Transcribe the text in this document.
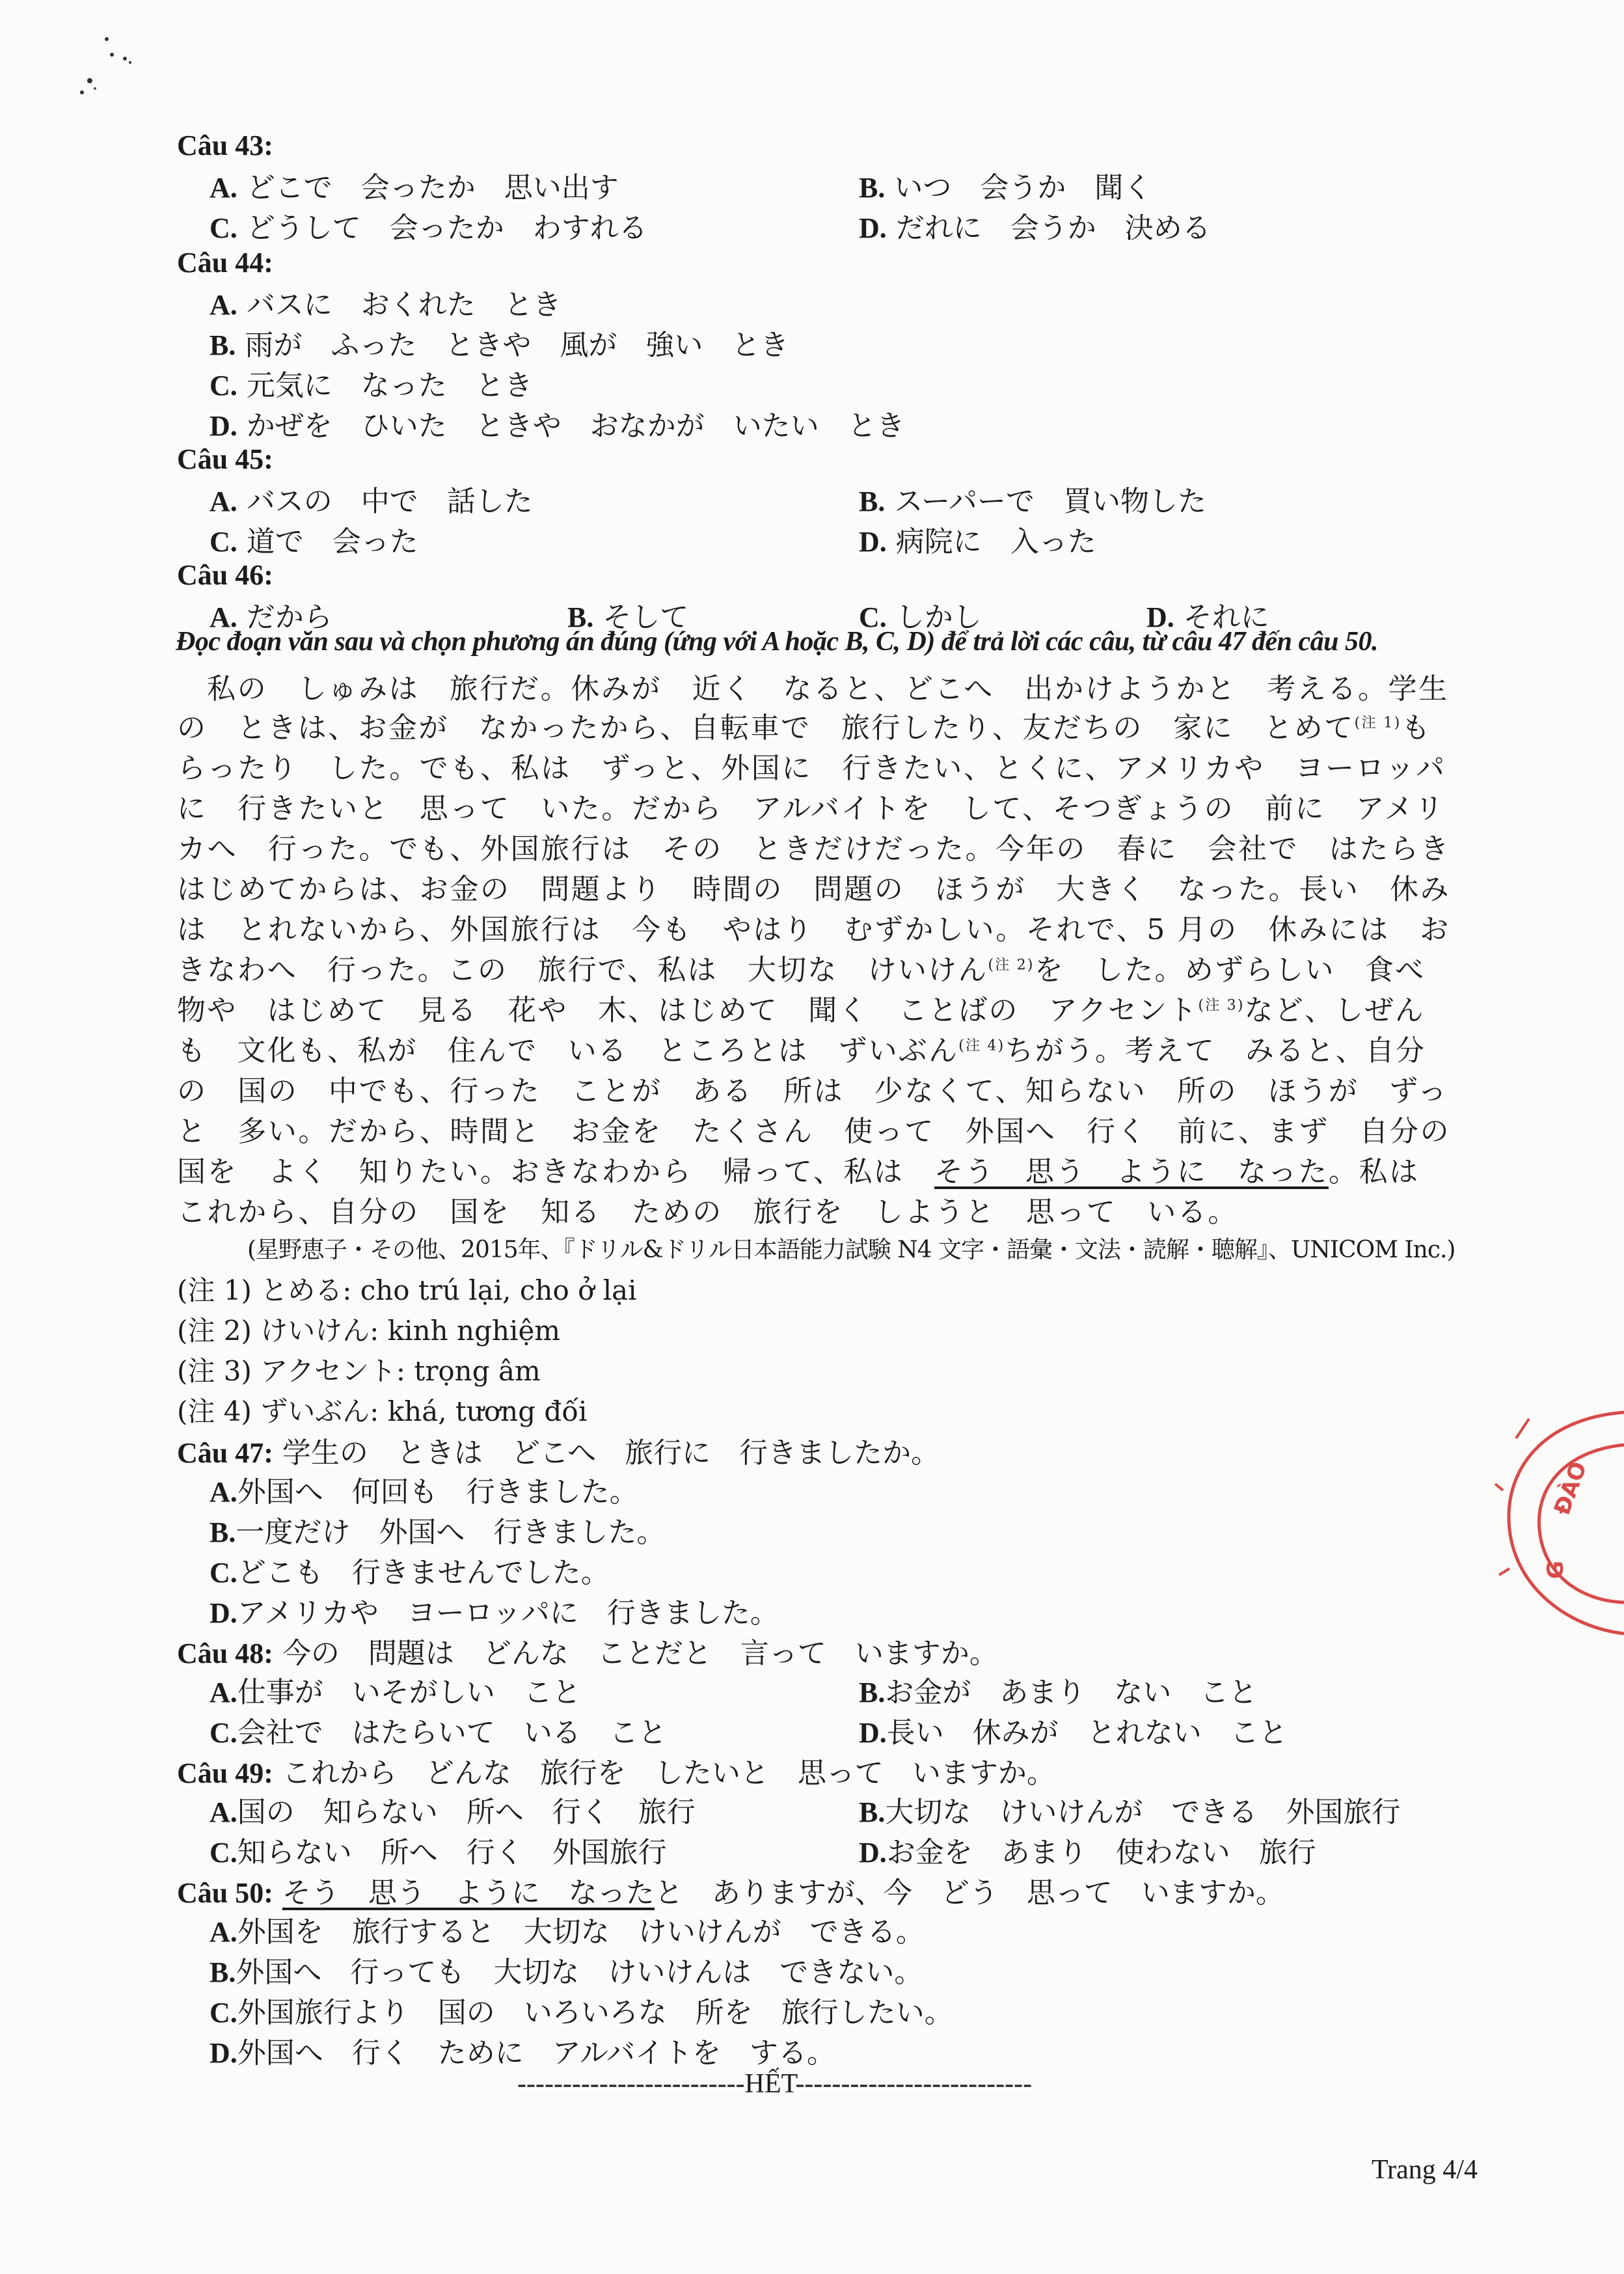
Câu 43:
A. どこで　会ったか　思い出す	B. いつ　会うか　聞く
C. どうして　会ったか　わすれる	D. だれに　会うか　決める
Câu 44:
A. バスに　おくれた　とき
B. 雨が　ふった　ときや　風が　強い　とき
C. 元気に　なった　とき
D. かぜを　ひいた　ときや　おなかが　いたい　とき
Câu 45:
A. バスの　中で　話した	B. スーパーで　買い物した
C. 道で　会った	D. 病院に　入った
Câu 46:
A. だから	B. そして	C. しかし	D. それに
Đọc đoạn văn sau và chọn phương án đúng (ứng với A hoặc B, C, D) để trả lời các câu, từ câu 47 đến câu 50.
私の　しゅみは　旅行だ。休みが　近く　なると、どこへ　出かけようかと　考える。学生
の　ときは、お金が　なかったから、自転車で　旅行したり、友だちの　家に　とめて$^{(注 1)}$も
らったり　した。でも、私は　ずっと、外国に　行きたい、とくに、アメリカや　ヨーロッパ
に　行きたいと　思って　いた。だから　アルバイトを　して、そつぎょうの　前に　アメリ
カへ　行った。でも、外国旅行は　その　ときだけだった。今年の　春に　会社で　はたらき
はじめてからは、お金の　問題より　時間の　問題の　ほうが　大きく　なった。長い　休み
は　とれないから、外国旅行は　今も　やはり　むずかしい。それで、5 月の　休みには　お
きなわへ　行った。この　旅行で、私は　大切な　けいけん$^{(注 2)}$を　した。めずらしい　食べ
物や　はじめて　見る　花や　木、はじめて　聞く　ことばの　アクセント$^{(注 3)}$など、しぜん
も　文化も、私が　住んで　いる　ところとは　ずいぶん$^{(注 4)}$ちがう。考えて　みると、自分
の　国の　中でも、行った　ことが　ある　所は　少なくて、知らない　所の　ほうが　ずっ
と　多い。だから、時間と　お金を　たくさん　使って　外国へ　行く　前に、まず　自分の
国を　よく　知りたい。おきなわから　帰って、私は　そう　思う　ように　なった。私は
これから、自分の　国を　知る　ための　旅行を　しようと　思って　いる。
(星野恵子・その他、2015年、『ドリル&ドリル日本語能力試験 N4 文字・語彙・文法・読解・聴解』、UNICOM Inc.)
(注 1) とめる: cho trú lại, cho ở lại
(注 2) けいけん: kinh nghiệm
(注 3) アクセント: trọng âm
(注 4) ずいぶん: khá, tương đối
Câu 47: 学生の　ときは　どこへ　旅行に　行きましたか。
A.外国へ　何回も　行きました。
B.一度だけ　外国へ　行きました。
C.どこも　行きませんでした。
D.アメリカや　ヨーロッパに　行きました。
Câu 48: 今の　問題は　どんな　ことだと　言って　いますか。
A.仕事が　いそがしい　こと	B.お金が　あまり　ない　こと
C.会社で　はたらいて　いる　こと	D.長い　休みが　とれない　こと
Câu 49: これから　どんな　旅行を　したいと　思って　いますか。
A.国の　知らない　所へ　行く　旅行	B.大切な　けいけんが　できる　外国旅行
C.知らない　所へ　行く　外国旅行	D.お金を　あまり　使わない　旅行
Câu 50: そう　思う　ように　なったと　ありますが、今　どう　思って　いますか。
A.外国を　旅行すると　大切な　けいけんが　できる。
B.外国へ　行っても　大切な　けいけんは　できない。
C.外国旅行より　国の　いろいろな　所を　旅行したい。
D.外国へ　行く　ために　アルバイトを　する。
-------------------------HẾT--------------------------
Trang 4/4
ĐÀO
G
